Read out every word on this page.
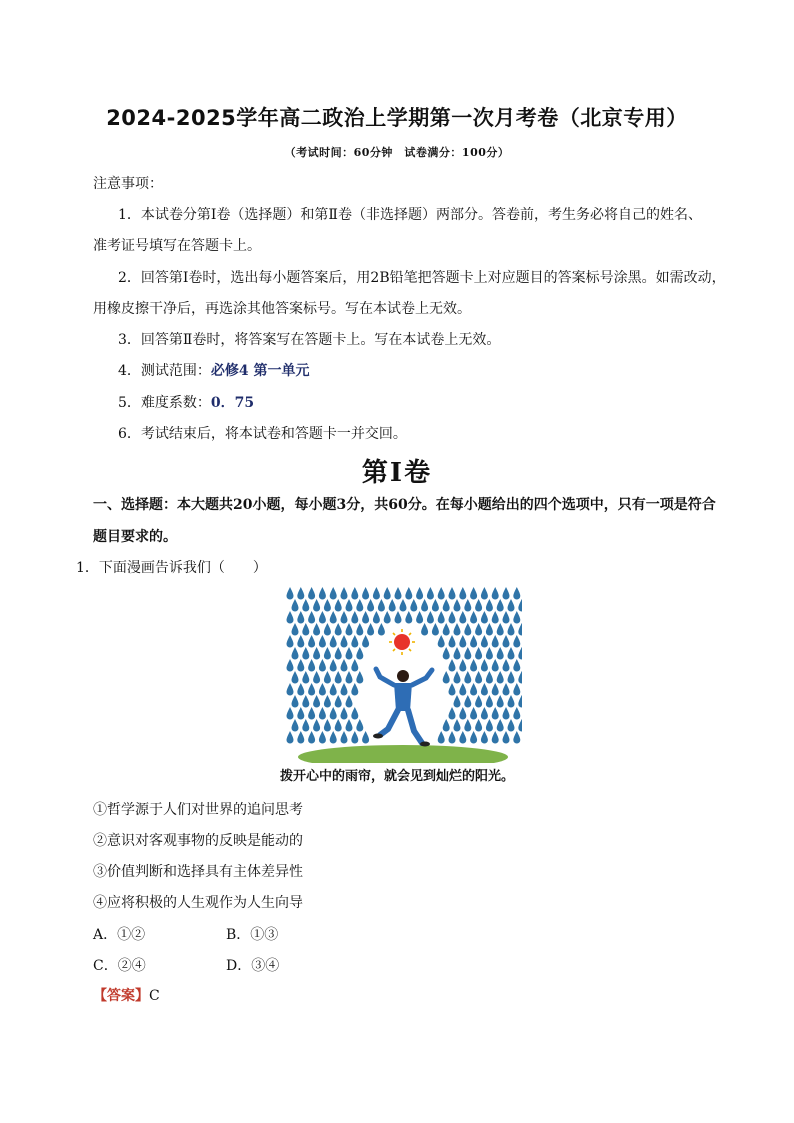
2024-2025学年高二政治上学期第一次月考卷（北京专用）

（考试时间：60分钟　试卷满分：100分）

注意事项：

1．本试卷分第Ⅰ卷（选择题）和第Ⅱ卷（非选择题）两部分。答卷前，考生务必将自己的姓名、

准考证号填写在答题卡上。

2．回答第Ⅰ卷时，选出每小题答案后，用2B铅笔把答题卡上对应题目的答案标号涂黑。如需改动，

用橡皮擦干净后，再选涂其他答案标号。写在本试卷上无效。

3．回答第Ⅱ卷时，将答案写在答题卡上。写在本试卷上无效。

4．测试范围：必修4 第一单元

5．难度系数：0．75

6．考试结束后，将本试卷和答题卡一并交回。

第Ⅰ卷

一、选择题：本大题共20小题，每小题3分，共60分。在每小题给出的四个选项中，只有一项是符合

题目要求的。

1．下面漫画告诉我们（　　）

拨开心中的雨帘，就会见到灿烂的阳光。

①哲学源于人们对世界的追问思考

②意识对客观事物的反映是能动的

③价值判断和选择具有主体差异性

④应将积极的人生观作为人生向导

A．①②	B．①③

C．②④	D．③④

【答案】C
